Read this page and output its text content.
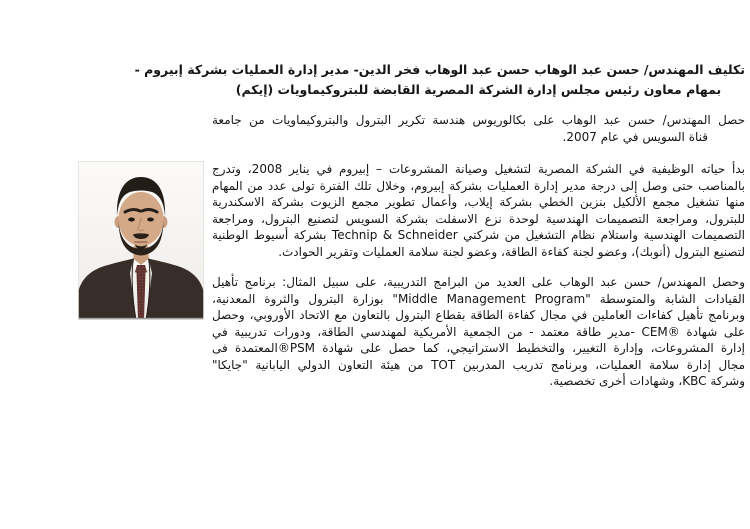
تكليف المهندس/ حسن عبد الوهاب حسن عبد الوهاب فخر الدين- مدير إدارة العمليات بشركة إبيروم -
بمهام معاون رئيس مجلس إدارة الشركة المصرية القابضة للبتروكيماويات (إيكم)
حصل المهندس/ حسن عبد الوهاب على بكالوريوس هندسة تكرير البترول والبتروكيماويات من جامعة
قناة السويس في عام 2007.
بدأ حياته الوظيفية في الشركة المصرية لتشغيل وصيانة المشروعات – إبيروم في يناير 2008، وتدرج
بالمناصب حتى وصل إلى درجة مدير إدارة العمليات بشركة إبيروم، وخلال تلك الفترة تولى عدد من المهام
منها تشغيل مجمع الألكيل بنزين الخطي بشركة إيلاب، وأعمال تطوير مجمع الزيوت بشركة الاسكندرية
للبترول، ومراجعة التصميمات الهندسية لوحدة نزع الاسفلت بشركة السويس لتصنيع البترول، ومراجعة
التصميمات الهندسية واستلام نظام التشغيل من شركتي Technip & Schneider بشركة أسيوط الوطنية
لتصنيع البترول (أنوبك)، وعضو لجنة كفاءة الطاقة، وعضو لجنة سلامة العمليات وتقرير الحوادث.
وحصل المهندس/ حسن عبد الوهاب على العديد من البرامج التدريبية، على سبيل المثال: برنامج تأهيل
القيادات الشابة والمتوسطة "Middle Management Program" بوزارة البترول والثروة المعدنية،
وبرنامج تأهيل كفاءات العاملين في مجال كفاءة الطاقة بقطاع البترول بالتعاون مع الاتحاد الأوروبي، وحصل
على شهادة CEM®‎ -مدير طاقة معتمد - من الجمعية الأمريكية لمهندسي الطاقة، ودورات تدريبية في
إدارة المشروعات، وإدارة التغيير، والتخطيط الاستراتيجي، كما حصل على شهادة PSM®المعتمدة فى
مجال إدارة سلامة العمليات، وبرنامج تدريب المدربين TOT من هيئة التعاون الدولي اليابانية "جايكا"
وشركة KBC، وشهادات أخرى تخصصية.
